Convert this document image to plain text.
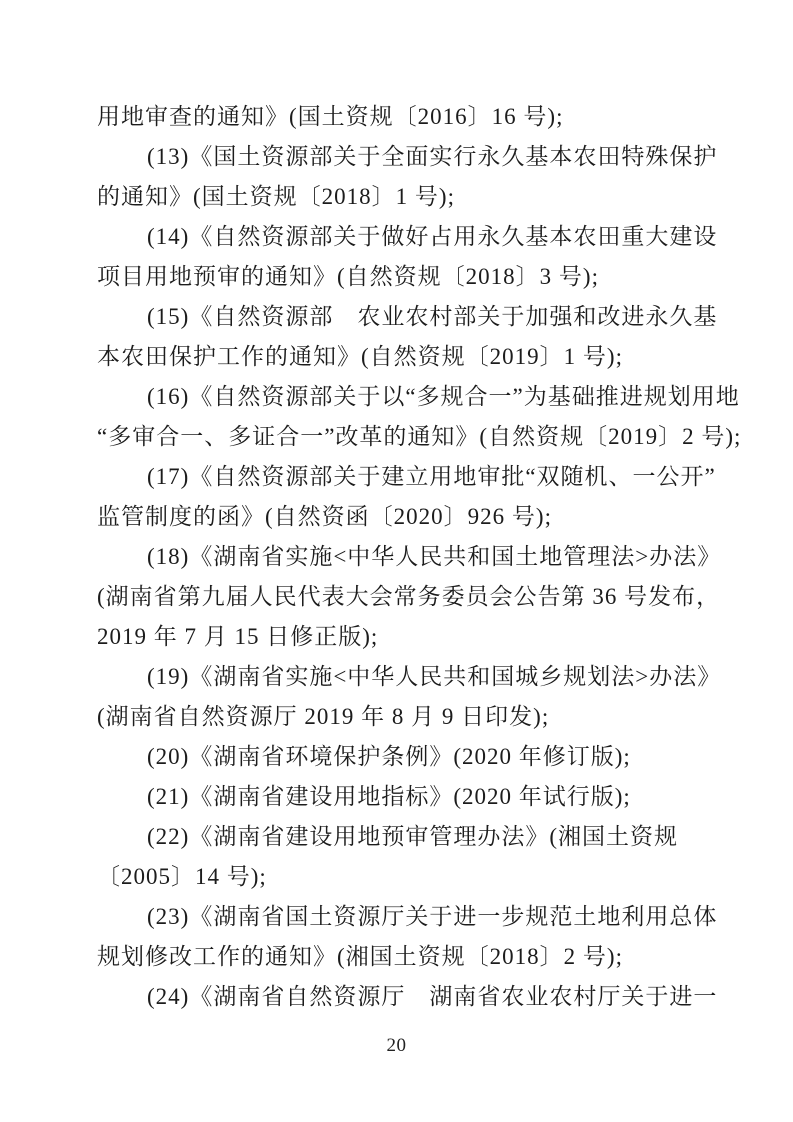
用地审查的通知》(国土资规〔2016〕16 号);
(13)《国土资源部关于全面实行永久基本农田特殊保护
的通知》(国土资规〔2018〕1 号);
(14)《自然资源部关于做好占用永久基本农田重大建设
项目用地预审的通知》(自然资规〔2018〕3 号);
(15)《自然资源部　农业农村部关于加强和改进永久基
本农田保护工作的通知》(自然资规〔2019〕1 号);
(16)《自然资源部关于以“多规合一”为基础推进规划用地
“多审合一、多证合一”改革的通知》(自然资规〔2019〕2 号);
(17)《自然资源部关于建立用地审批“双随机、一公开”
监管制度的函》(自然资函〔2020〕926 号);
(18)《湖南省实施<中华人民共和国土地管理法>办法》
(湖南省第九届人民代表大会常务委员会公告第 36 号发布，
2019 年 7 月 15 日修正版);
(19)《湖南省实施<中华人民共和国城乡规划法>办法》
(湖南省自然资源厅 2019 年 8 月 9 日印发);
(20)《湖南省环境保护条例》(2020 年修订版);
(21)《湖南省建设用地指标》(2020 年试行版);
(22)《湖南省建设用地预审管理办法》(湘国土资规
〔2005〕14 号);
(23)《湖南省国土资源厅关于进一步规范土地利用总体
规划修改工作的通知》(湘国土资规〔2018〕2 号);
(24)《湖南省自然资源厅　湖南省农业农村厅关于进一
20
